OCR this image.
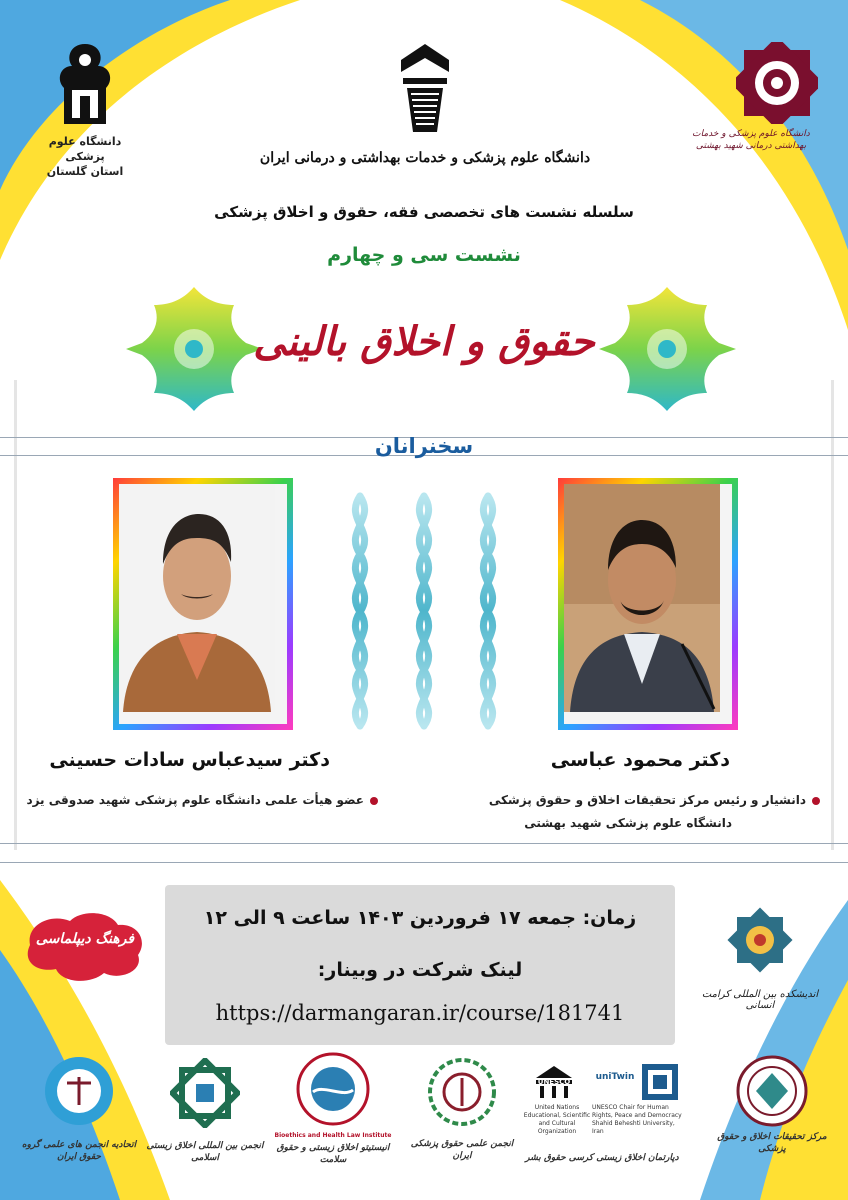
دانشگاه علوم پزشکی
استان گلستان
دانشگاه علوم پزشکی و خدمات بهداشتی و درمانی ایران
دانشگاه علوم پزشکی و خدمات بهداشتی درمانی شهید بهشتی
سلسله نشست های تخصصی فقه، حقوق و اخلاق پزشکی
نشست سی و چهارم
حقوق و اخلاق بالینی
سخنرانان
دکتر محمود عباسی
دانشیار و رئیس مرکز تحقیقات اخلاق و حقوق پزشکی
دانشگاه علوم پزشکی شهید بهشتی
دکتر سیدعباس سادات حسینی
عضو هیأت علمی دانشگاه علوم پزشکی شهید صدوقی یزد
زمان: جمعه ۱۷ فروردین ۱۴۰۳ ساعت ۹ الی ۱۲
لینک شرکت در وبینار:
https://darmangaran.ir/course/181741
فرهنگ دیپلماسی
اندیشکده بین المللی کرامت انسانی
مرکز تحقیقات اخلاق و حقوق پزشکی
UNESCO
United Nations Educational, Scientific and Cultural Organization
uniTwin
UNESCO Chair for Human Rights, Peace and Democracy Shahid Beheshti University, Iran
دپارتمان اخلاق زیستی کرسی حقوق بشر
انجمن علمی حقوق پزشکی ایران
Bioethics and Health Law Institute
انیستیتو اخلاق زیستی و حقوق سلامت
انجمن بین المللی اخلاق زیستی اسلامی
اتحادیه انجمن های علمی گروه حقوق ایران
